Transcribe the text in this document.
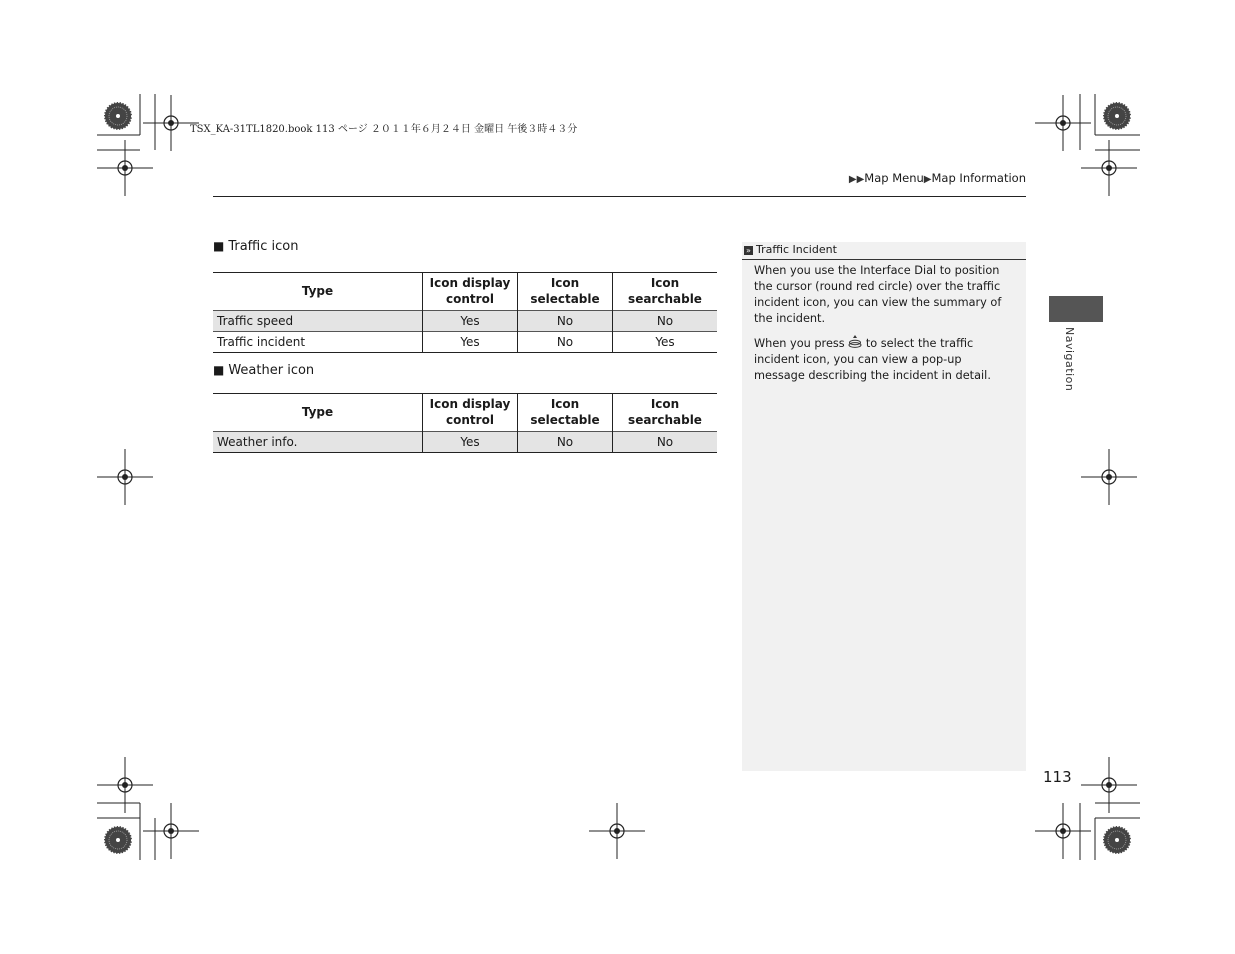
TSX_KA-31TL1820.book 113 ページ ２０１１年６月２４日 金曜日 午後３時４３分
▶▶Map Menu▶Map Information
■ Traffic icon
Type	Icon display control	Icon selectable	Icon searchable
Traffic speed	Yes	No	No
Traffic incident	Yes	No	Yes
■ Weather icon
Type	Icon display control	Icon selectable	Icon searchable
Weather info.	Yes	No	No
» Traffic Incident

When you use the Interface Dial to position the cursor (round red circle) over the traffic incident icon, you can view the summary of the incident.

When you press  to select the traffic incident icon, you can view a pop-up message describing the incident in detail.	Navigation
113
